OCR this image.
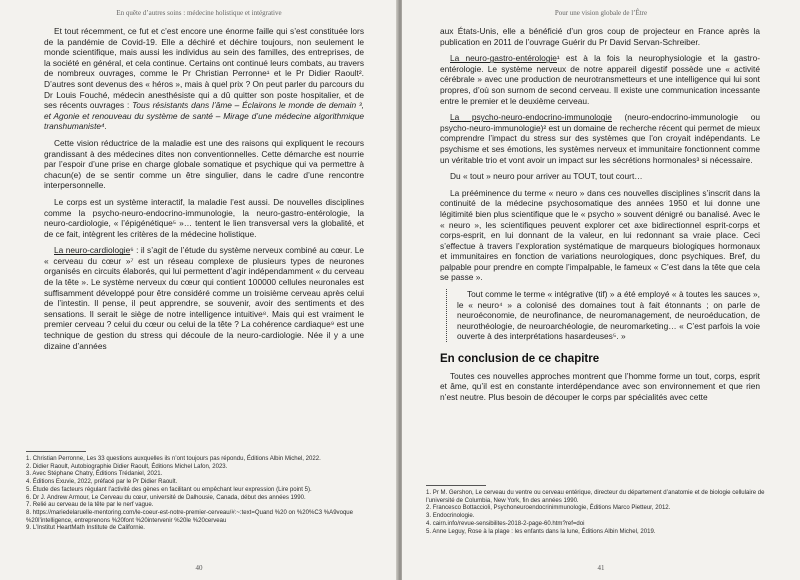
En quête d’autres soins : médecine holistique et intégrative

Et tout récemment, ce fut et c’est encore une énorme faille qui s’est constituée lors de la pandémie de Covid-19. Elle a déchiré et déchire toujours, non seulement le monde scientifique, mais aussi les individus au sein des familles, des entreprises, de la société en général, et cela continue. Certains ont continué leurs combats, au travers de nombreux ouvrages, comme le Pr Christian Perronne¹ et le Pr Didier Raoult². D’autres sont devenus des « héros », mais à quel prix ? On peut parler du parcours du Dr Louis Fouché, médecin anesthésiste qui a dû quitter son poste hospitalier, et de ses récents ouvrages : Tous résistants dans l’âme – Éclairons le monde de demain ³, et Agonie et renouveau du système de santé – Mirage d’une médecine algorithmique transhumaniste⁴.

Cette vision réductrice de la maladie est une des raisons qui expliquent le recours grandissant à des médecines dites non conventionnelles. Cette démarche est nourrie par l’espoir d’une prise en charge globale somatique et psychique qui va permettre à chacun(e) de se sentir comme un être singulier, dans le cadre d’une rencontre interpersonnelle.

Le corps est un système interactif, la maladie l’est aussi. De nouvelles disciplines comme la psycho-neuro-endocrino-immunologie, la neuro-gastro-entérologie, la neuro-cardiologie, « l’épigénétique⁵ »… tentent le lien transversal vers la globalité, et de ce fait, intègrent les critères de la médecine holistique.

La neuro-cardiologie⁶ : il s’agit de l’étude du système nerveux combiné au cœur. Le « cerveau du cœur »⁷ est un réseau complexe de plusieurs types de neurones organisés en circuits élaborés, qui lui permettent d’agir indépendamment « du cerveau de la tête ». Le système nerveux du cœur qui contient 100000 cellules neuronales est suffisamment développé pour être considéré comme un troisième cerveau après celui de l’intestin. Il pense, il peut apprendre, se souvenir, avoir des sentiments et des sensations. Il serait le siège de notre intelligence intuitive⁸. Mais qui est vraiment le premier cerveau ? celui du cœur ou celui de la tête ? La cohérence cardiaque⁹ est une technique de gestion du stress qui découle de la neuro-cardiologie. Née il y a une dizaine d’années

1. Christian Perronne, Les 33 questions auxquelles ils n’ont toujours pas répondu, Éditions Albin Michel, 2022.
2. Didier Raoult, Autobiographie Didier Raoult, Éditions Michel Lafon, 2023.
3. Avec Stéphane Chatry, Éditions Trédaniel, 2021.
4. Éditions Exuvie, 2022, préfacé par le Pr Didier Raoult.
5. Étude des facteurs régulant l’activité des gènes en facilitant ou empêchant leur expression (Lire point 5).
6. Dr J. Andrew Armour, Le Cerveau du cœur, université de Dalhousie, Canada, début des années 1990.
7. Relié au cerveau de la tête par le nerf vague.
8. https://mariedelaruelle-mentoring.com/le-coeur-est-notre-premier-cerveau/#:~:text=Quand %20 on %20%C3 %A9voque %20l’intelligence, entreprenons %20font %20intervenir %20le %20cerveau
9. L’Institut HeartMath Institute de Californie.
40
Pour une vision globale de l’Être

aux États-Unis, elle a bénéficié d’un gros coup de projecteur en France après la publication en 2011 de l’ouvrage Guérir du Pr David Servan-Schreiber.

La neuro-gastro-entérologie¹ est à la fois la neurophysiologie et la gastro-entérologie. Le système nerveux de notre appareil digestif possède une « activité cérébrale » avec une production de neurotransmetteurs et une intelligence qui lui sont propres, d’où son surnom de second cerveau. Il existe une communication incessante entre le premier et le deuxième cerveau.

La psycho-neuro-endocrino-immunologie (neuro-endocrino-immunologie ou psycho-neuro-immunologie)² est un domaine de recherche récent qui permet de mieux comprendre l’impact du stress sur des systèmes que l’on croyait indépendants. Le psychisme et ses émotions, les systèmes nerveux et immunitaire fonctionnent comme un véritable trio et vont avoir un impact sur les sécrétions hormonales³ si nécessaire.

Du « tout » neuro pour arriver au TOUT, tout court…

La prééminence du terme « neuro » dans ces nouvelles disciplines s’inscrit dans la continuité de la médecine psychosomatique des années 1950 et lui donne une légitimité bien plus scientifique que le « psycho » souvent dénigré ou banalisé. Avec le « neuro », les scientifiques peuvent explorer cet axe bidirectionnel esprit-corps et corps-esprit, en lui donnant de la valeur, en lui redonnant sa vraie place. Ceci s’effectue à travers l’exploration systématique de marqueurs biologiques hormonaux et immunitaires en fonction de variations neurologiques, donc psychiques. Bref, du palpable pour prendre en compte l’impalpable, le fameux « C’est dans la tête que cela se passe ».

Tout comme le terme « intégrative (tif) » a été employé « à toutes les sauces », le « neuro⁴ » a colonisé des domaines tout à fait étonnants ; on parle de neuroéconomie, de neurofinance, de neuromanagement, de neuroéducation, de neurothéologie, de neuroarchéologie, de neuromarketing… « C’est parfois la voie ouverte à des interprétations hasardeuses⁵. »

En conclusion de ce chapitre

Toutes ces nouvelles approches montrent que l’homme forme un tout, corps, esprit et âme, qu’il est en constante interdépendance avec son environnement et que rien n’est neutre. Plus besoin de découper le corps par spécialités avec cette

1. Pr M. Gershon, Le cerveau du ventre ou cerveau entérique, directeur du département d’anatomie et de biologie cellulaire de l’université de Columbia, New York, fin des années 1990.
2. Francesco Bottaccioli, Psychoneuroendocrinimmunologie, Éditions Marco Pietteur, 2012.
3. Endocrinologie.
4. cairn.info/revue-sensibilites-2018-2-page-60.htm?ref=doi
5. Anne Leguy, Rose à la plage : les enfants dans la lune, Éditions Albin Michel, 2019.
41
